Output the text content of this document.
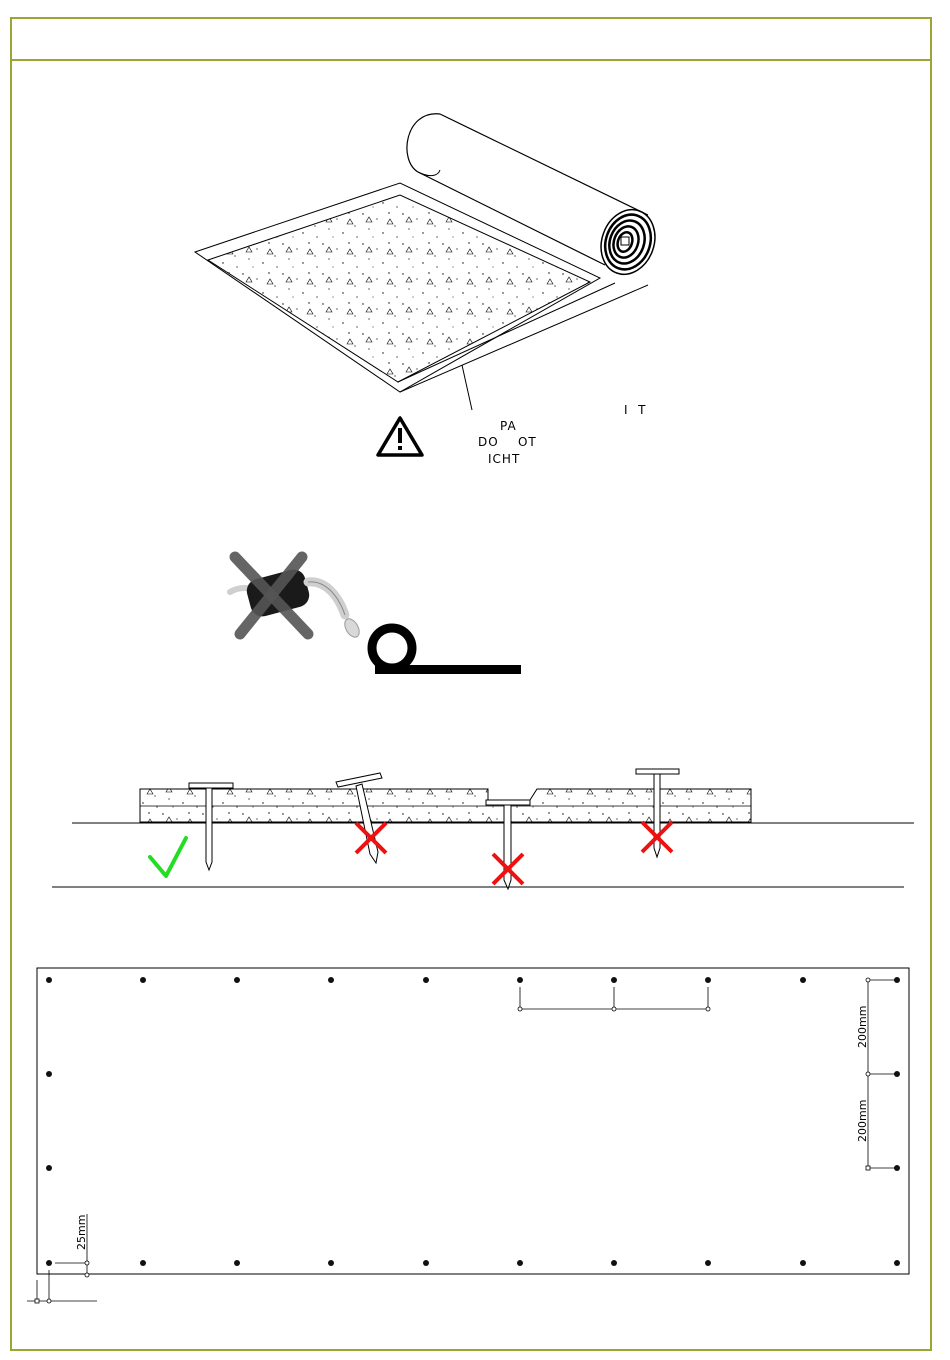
I  T
PA
DO    OT
ICHT
200mm
200mm
25mm
